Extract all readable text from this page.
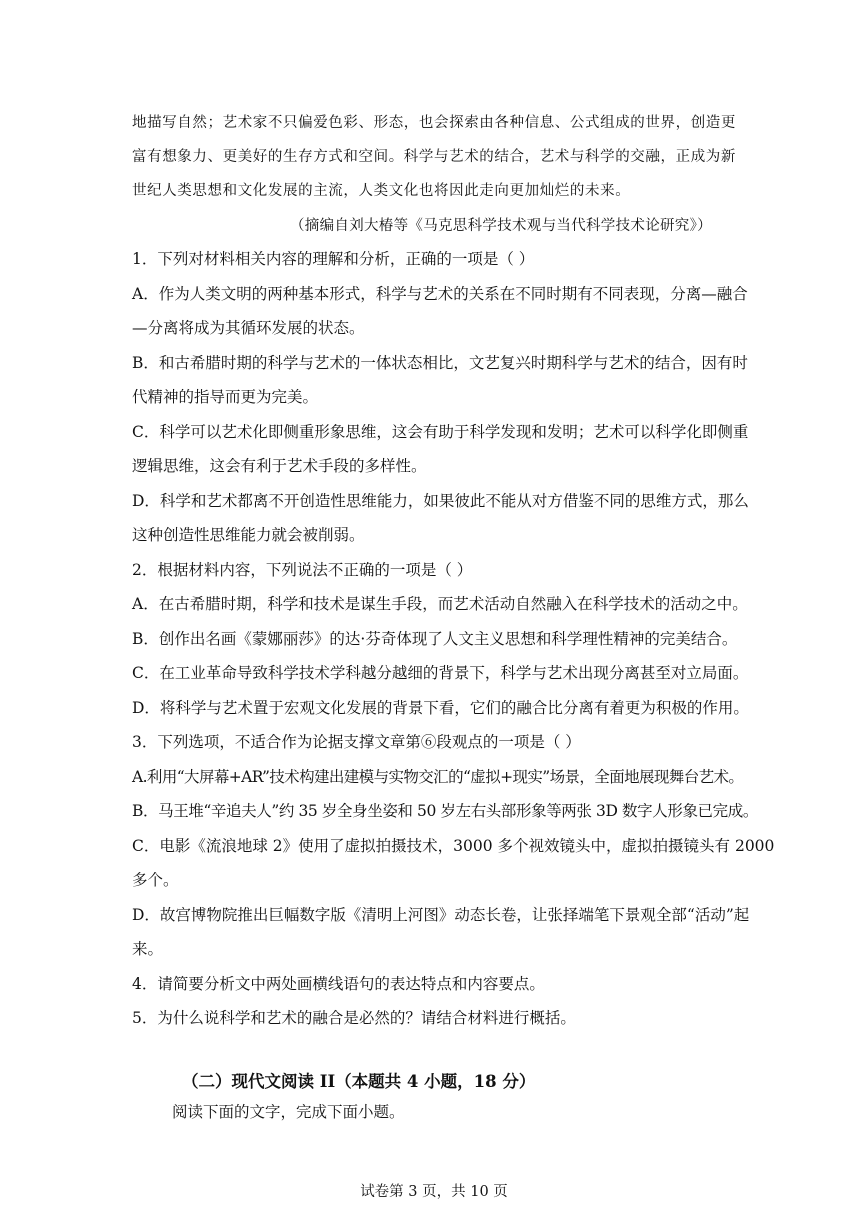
地描写自然；艺术家不只偏爱色彩、形态，也会探索由各种信息、公式组成的世界，创造更
富有想象力、更美好的生存方式和空间。科学与艺术的结合，艺术与科学的交融，正成为新
世纪人类思想和文化发展的主流，人类文化也将因此走向更加灿烂的未来。
（摘编自刘大椿等《马克思科学技术观与当代科学技术论研究》）
1．下列对材料相关内容的理解和分析，正确的一项是（ ）
A．作为人类文明的两种基本形式，科学与艺术的关系在不同时期有不同表现，分离—融合
—分离将成为其循环发展的状态。
B．和古希腊时期的科学与艺术的一体状态相比，文艺复兴时期科学与艺术的结合，因有时
代精神的指导而更为完美。
C．科学可以艺术化即侧重形象思维，这会有助于科学发现和发明；艺术可以科学化即侧重
逻辑思维，这会有利于艺术手段的多样性。
D．科学和艺术都离不开创造性思维能力，如果彼此不能从对方借鉴不同的思维方式，那么
这种创造性思维能力就会被削弱。
2．根据材料内容，下列说法不正确的一项是（ ）
A．在古希腊时期，科学和技术是谋生手段，而艺术活动自然融入在科学技术的活动之中。
B．创作出名画《蒙娜丽莎》的达·芬奇体现了人文主义思想和科学理性精神的完美结合。
C．在工业革命导致科学技术学科越分越细的背景下，科学与艺术出现分离甚至对立局面。
D．将科学与艺术置于宏观文化发展的背景下看，它们的融合比分离有着更为积极的作用。
3．下列选项，不适合作为论据支撑文章第⑥段观点的一项是（ ）
A.利用“大屏幕+AR”技术构建出建模与实物交汇的“虚拟+现实”场景，全面地展现舞台艺术。
B．马王堆“辛追夫人”约 35 岁全身坐姿和 50 岁左右头部形象等两张 3D 数字人形象已完成。
C．电影《流浪地球 2》使用了虚拟拍摄技术，3000 多个视效镜头中，虚拟拍摄镜头有 2000
多个。
D．故宫博物院推出巨幅数字版《清明上河图》动态长卷，让张择端笔下景观全部“活动”起
来。
4．请简要分析文中两处画横线语句的表达特点和内容要点。
5．为什么说科学和艺术的融合是必然的？请结合材料进行概括。
（二）现代文阅读 II（本题共 4 小题，18 分）
阅读下面的文字，完成下面小题。
试卷第 3 页，共 10 页
